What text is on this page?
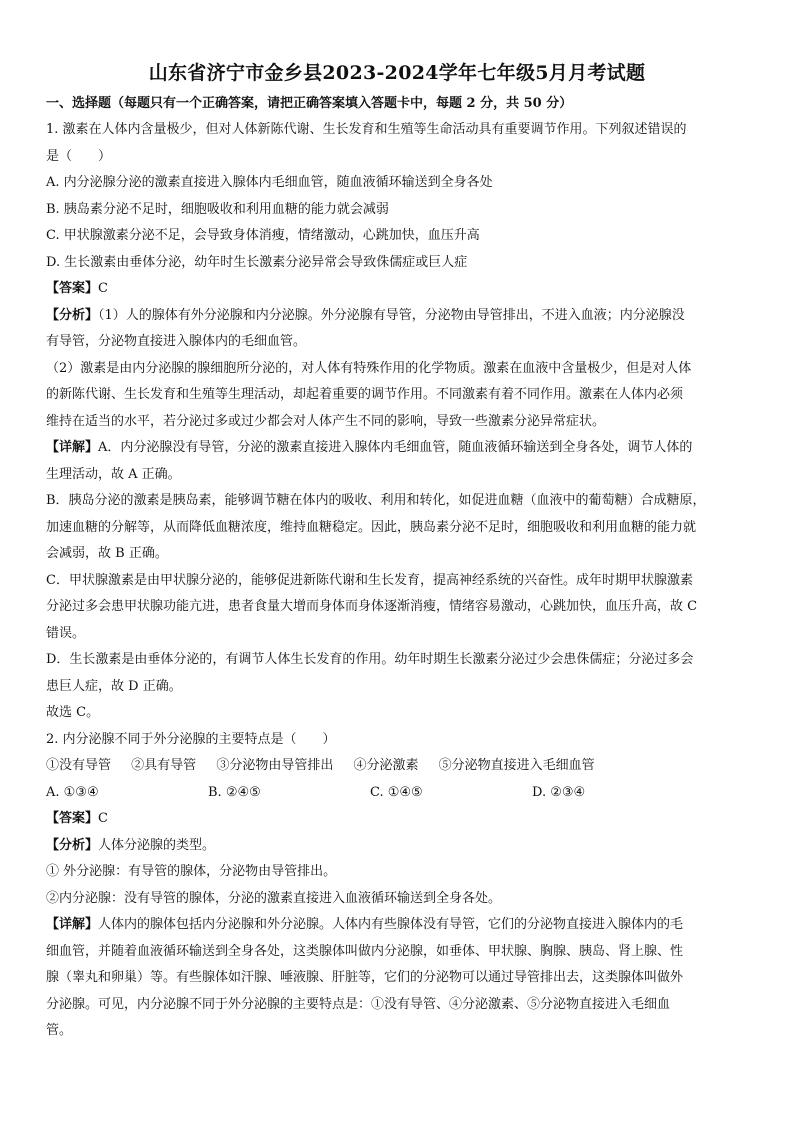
山东省济宁市金乡县2023-2024学年七年级5月月考试题
一、选择题（每题只有一个正确答案，请把正确答案填入答题卡中，每题 2 分，共 50 分）

1. 激素在人体内含量极少，但对人体新陈代谢、生长发育和生殖等生命活动具有重要调节作用。下列叙述错误的

是（　　）

A. 内分泌腺分泌的激素直接进入腺体内毛细血管，随血液循环输送到全身各处

B. 胰岛素分泌不足时，细胞吸收和利用血糖的能力就会减弱

C. 甲状腺激素分泌不足，会导致身体消瘦，情绪激动，心跳加快，血压升高

D. 生长激素由垂体分泌，幼年时生长激素分泌异常会导致侏儒症或巨人症

【答案】C

【分析】（1）人的腺体有外分泌腺和内分泌腺。外分泌腺有导管，分泌物由导管排出，不进入血液；内分泌腺没

有导管，分泌物直接进入腺体内的毛细血管。

（2）激素是由内分泌腺的腺细胞所分泌的，对人体有特殊作用的化学物质。激素在血液中含量极少，但是对人体

的新陈代谢、生长发育和生殖等生理活动，却起着重要的调节作用。不同激素有着不同作用。激素在人体内必须

维持在适当的水平，若分泌过多或过少都会对人体产生不同的影响，导致一些激素分泌异常症状。

【详解】A．内分泌腺没有导管，分泌的激素直接进入腺体内毛细血管，随血液循环输送到全身各处，调节人体的

生理活动，故 A 正确。

B．胰岛分泌的激素是胰岛素，能够调节糖在体内的吸收、利用和转化，如促进血糖（血液中的葡萄糖）合成糖原，

加速血糖的分解等，从而降低血糖浓度，维持血糖稳定。因此，胰岛素分泌不足时，细胞吸收和利用血糖的能力就

会减弱，故 B 正确。

C．甲状腺激素是由甲状腺分泌的，能够促进新陈代谢和生长发育，提高神经系统的兴奋性。成年时期甲状腺激素

分泌过多会患甲状腺功能亢进，患者食量大增而身体而身体逐渐消瘦，情绪容易激动，心跳加快，血压升高，故 C

错误。

D．生长激素是由垂体分泌的，有调节人体生长发育的作用。幼年时期生长激素分泌过少会患侏儒症；分泌过多会

患巨人症，故 D 正确。

故选 C。

2. 内分泌腺不同于外分泌腺的主要特点是（　　）

①没有导管 ②具有导管 ③分泌物由导管排出 ④分泌激素 ⑤分泌物直接进入毛细血管
A. ①③④	B. ②④⑤	C. ①④⑤	D. ②③④

【答案】C

【分析】人体分泌腺的类型。

① 外分泌腺：有导管的腺体，分泌物由导管排出。

②内分泌腺：没有导管的腺体，分泌的激素直接进入血液循环输送到全身各处。

【详解】人体内的腺体包括内分泌腺和外分泌腺。人体内有些腺体没有导管，它们的分泌物直接进入腺体内的毛

细血管，并随着血液循环输送到全身各处，这类腺体叫做内分泌腺，如垂体、甲状腺、胸腺、胰岛、肾上腺、性

腺（睾丸和卵巢）等。有些腺体如汗腺、唾液腺、肝脏等，它们的分泌物可以通过导管排出去，这类腺体叫做外

分泌腺。可见，内分泌腺不同于外分泌腺的主要特点是：①没有导管、④分泌激素、⑤分泌物直接进入毛细血

管。
